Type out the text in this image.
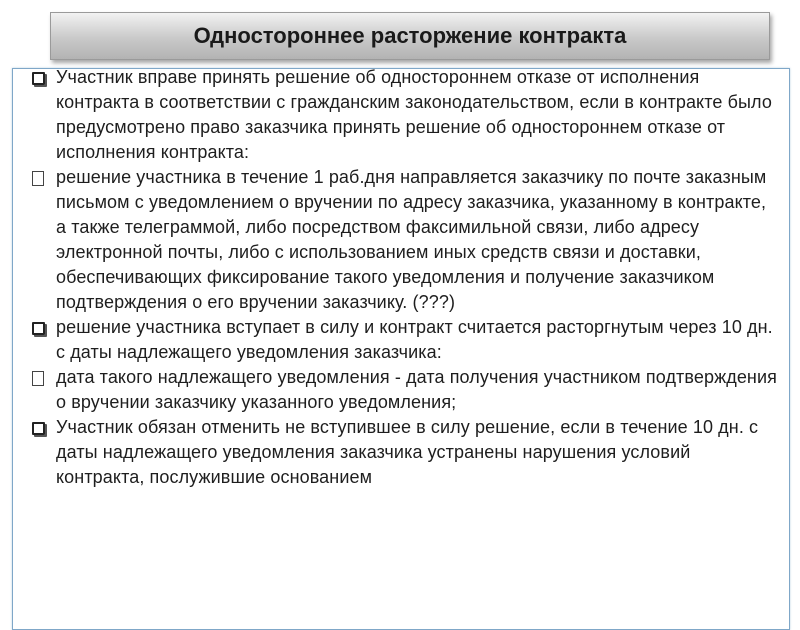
Одностороннее расторжение контракта
Участник вправе принять решение об одностороннем отказе от исполнения контракта в соответствии с гражданским законодательством, если в контракте было предусмотрено право заказчика принять решение об одностороннем отказе от исполнения контракта:
решение участника в течение 1 раб.дня направляется заказчику по почте заказным письмом с уведомлением о вручении по адресу заказчика, указанному в контракте, а также телеграммой, либо посредством факсимильной связи, либо адресу электронной почты, либо с использованием иных средств связи и доставки, обеспечивающих фиксирование такого уведомления и получение заказчиком подтверждения о его вручении заказчику. (???)
решение участника вступает в силу и контракт считается расторгнутым через 10 дн. с даты надлежащего уведомления заказчика:
дата такого надлежащего уведомления - дата получения участником подтверждения о вручении заказчику указанного уведомления;
Участник обязан отменить не вступившее в силу решение, если в течение 10 дн. с даты надлежащего уведомления заказчика устранены нарушения условий контракта, послужившие основанием
